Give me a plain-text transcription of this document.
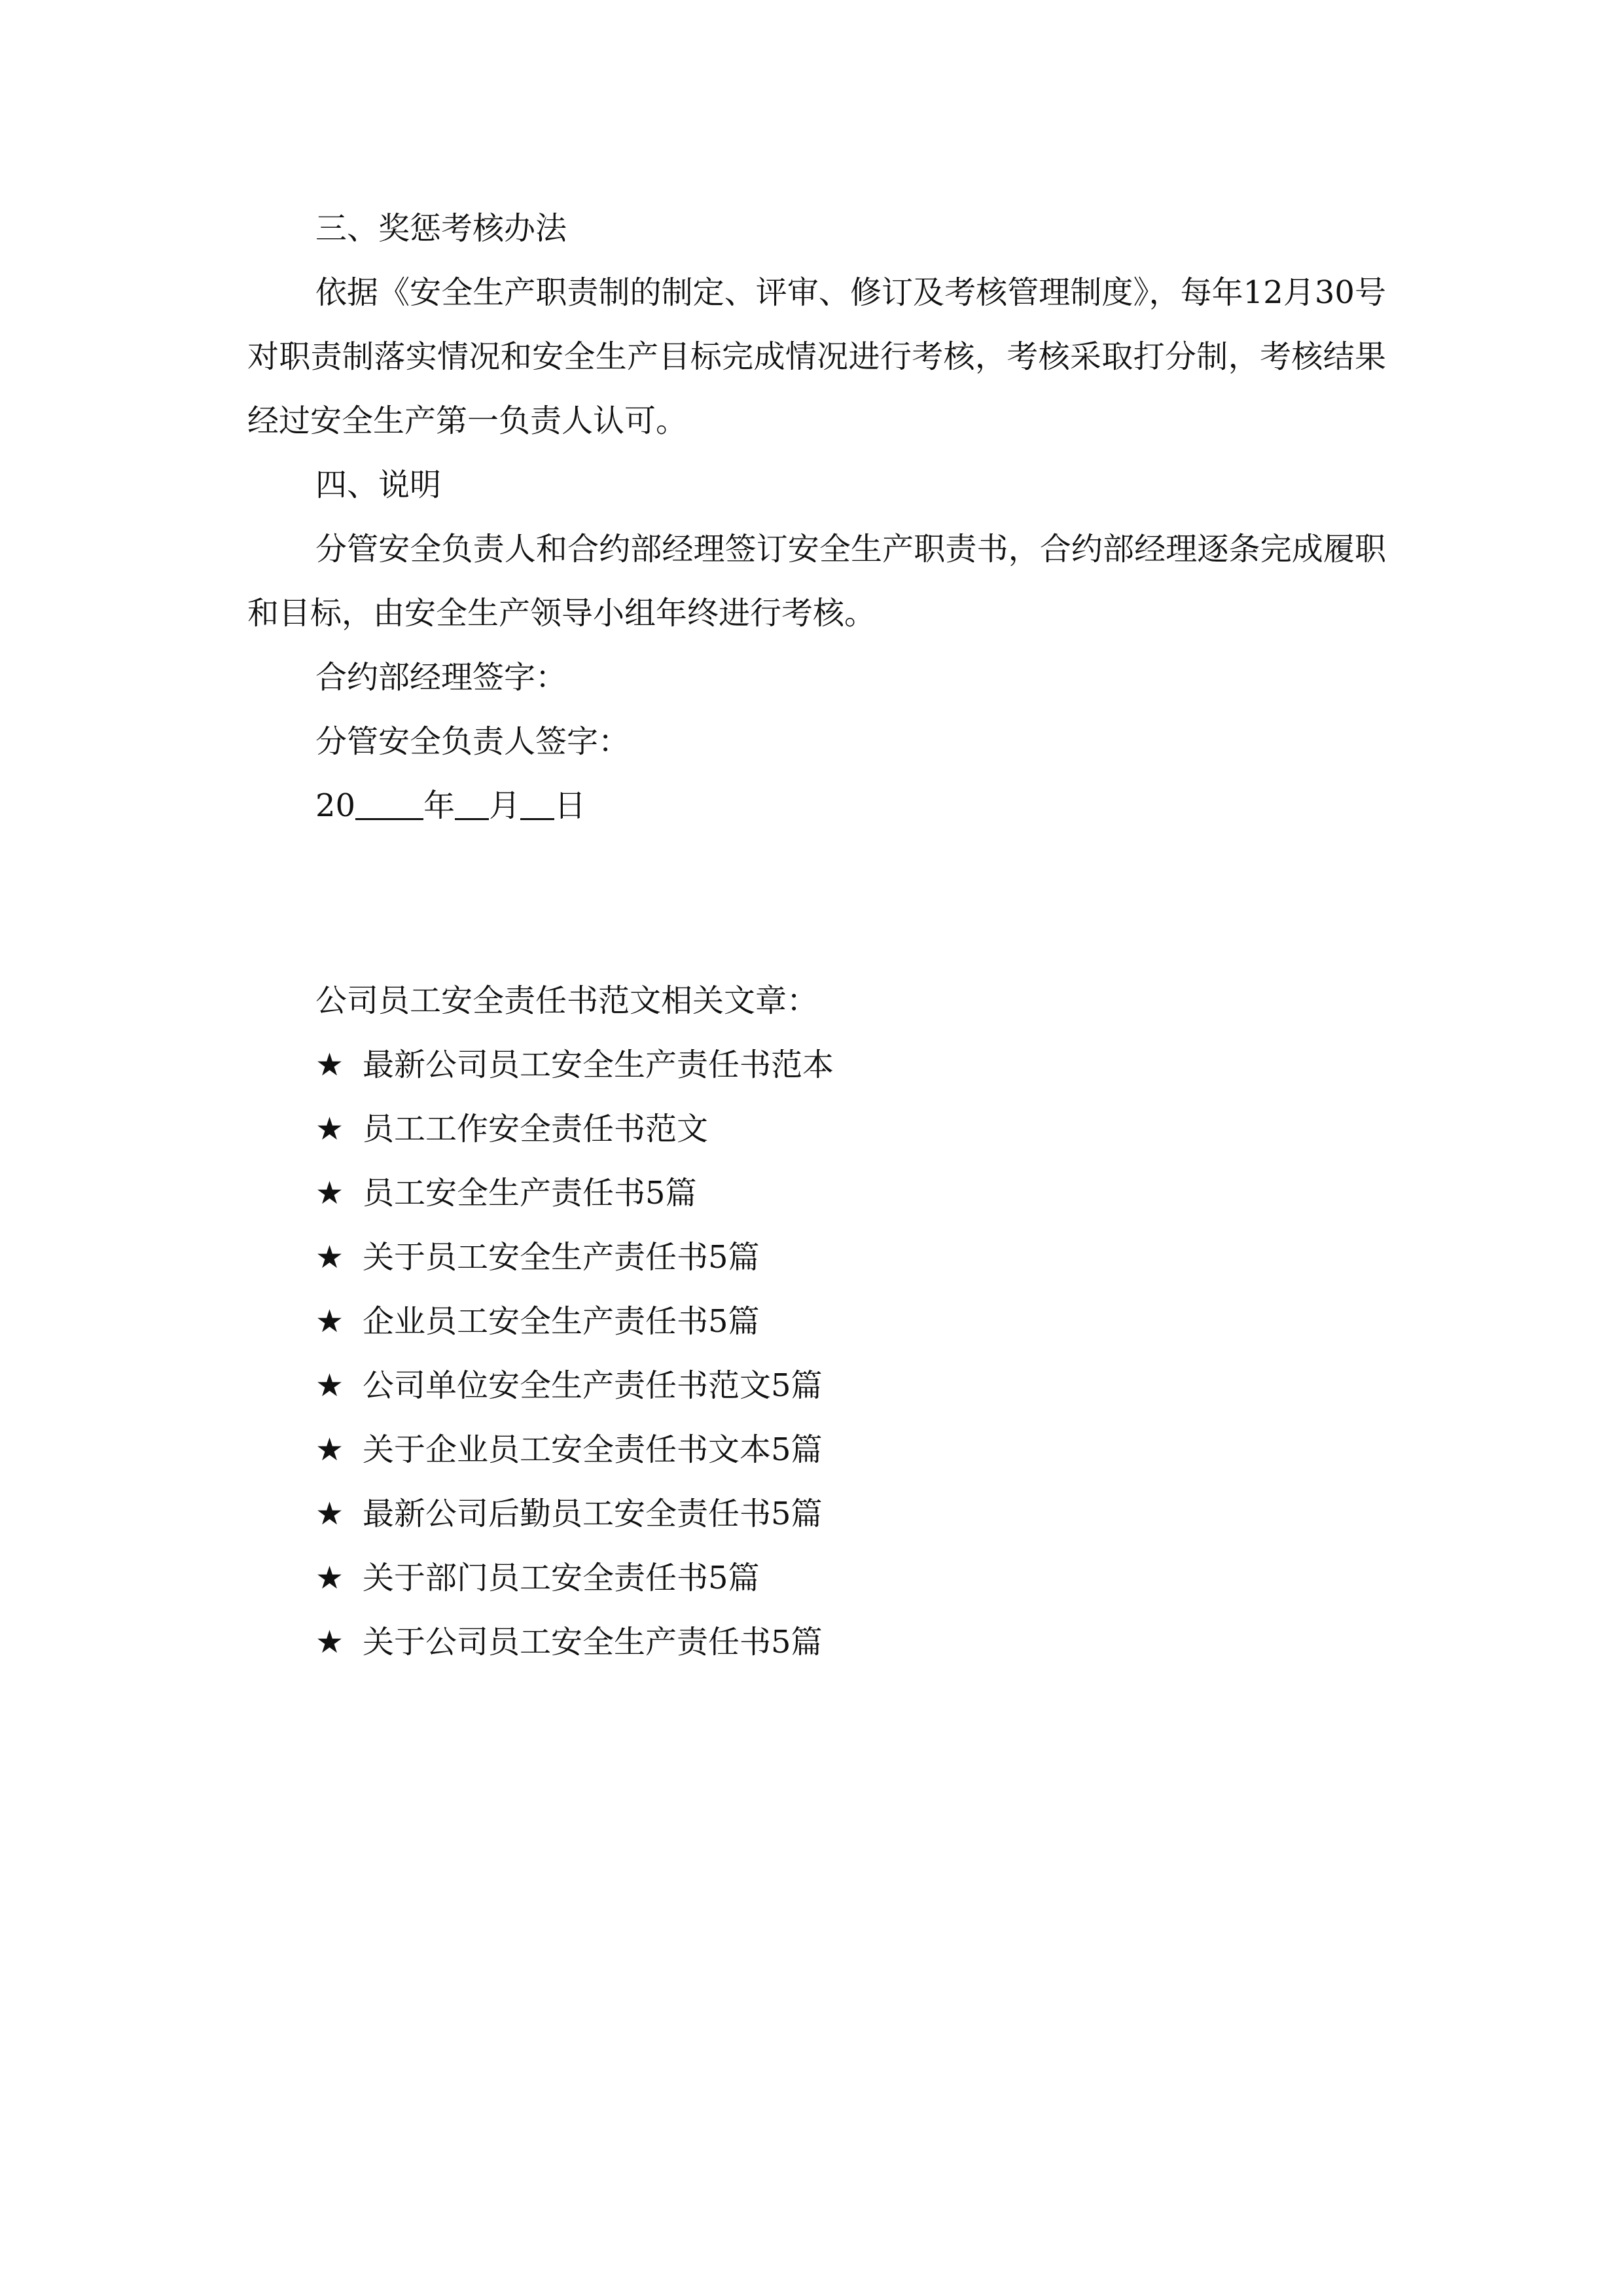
三、奖惩考核办法

依据《安全生产职责制的制定、评审、修订及考核管理制度》，每年12月30号对职责制落实情况和安全生产目标完成情况进行考核，考核采取打分制，考核结果经过安全生产第一负责人认可。

四、说明

分管安全负责人和合约部经理签订安全生产职责书，合约部经理逐条完成履职和目标，由安全生产领导小组年终进行考核。

合约部经理签字：

分管安全负责人签字：

20 年 月 日

公司员工安全责任书范文相关文章：

★ 最新公司员工安全生产责任书范本
★ 员工工作安全责任书范文
★ 员工安全生产责任书5篇
★ 关于员工安全生产责任书5篇
★ 企业员工安全生产责任书5篇
★ 公司单位安全生产责任书范文5篇
★ 关于企业员工安全责任书文本5篇
★ 最新公司后勤员工安全责任书5篇
★ 关于部门员工安全责任书5篇
★ 关于公司员工安全生产责任书5篇
